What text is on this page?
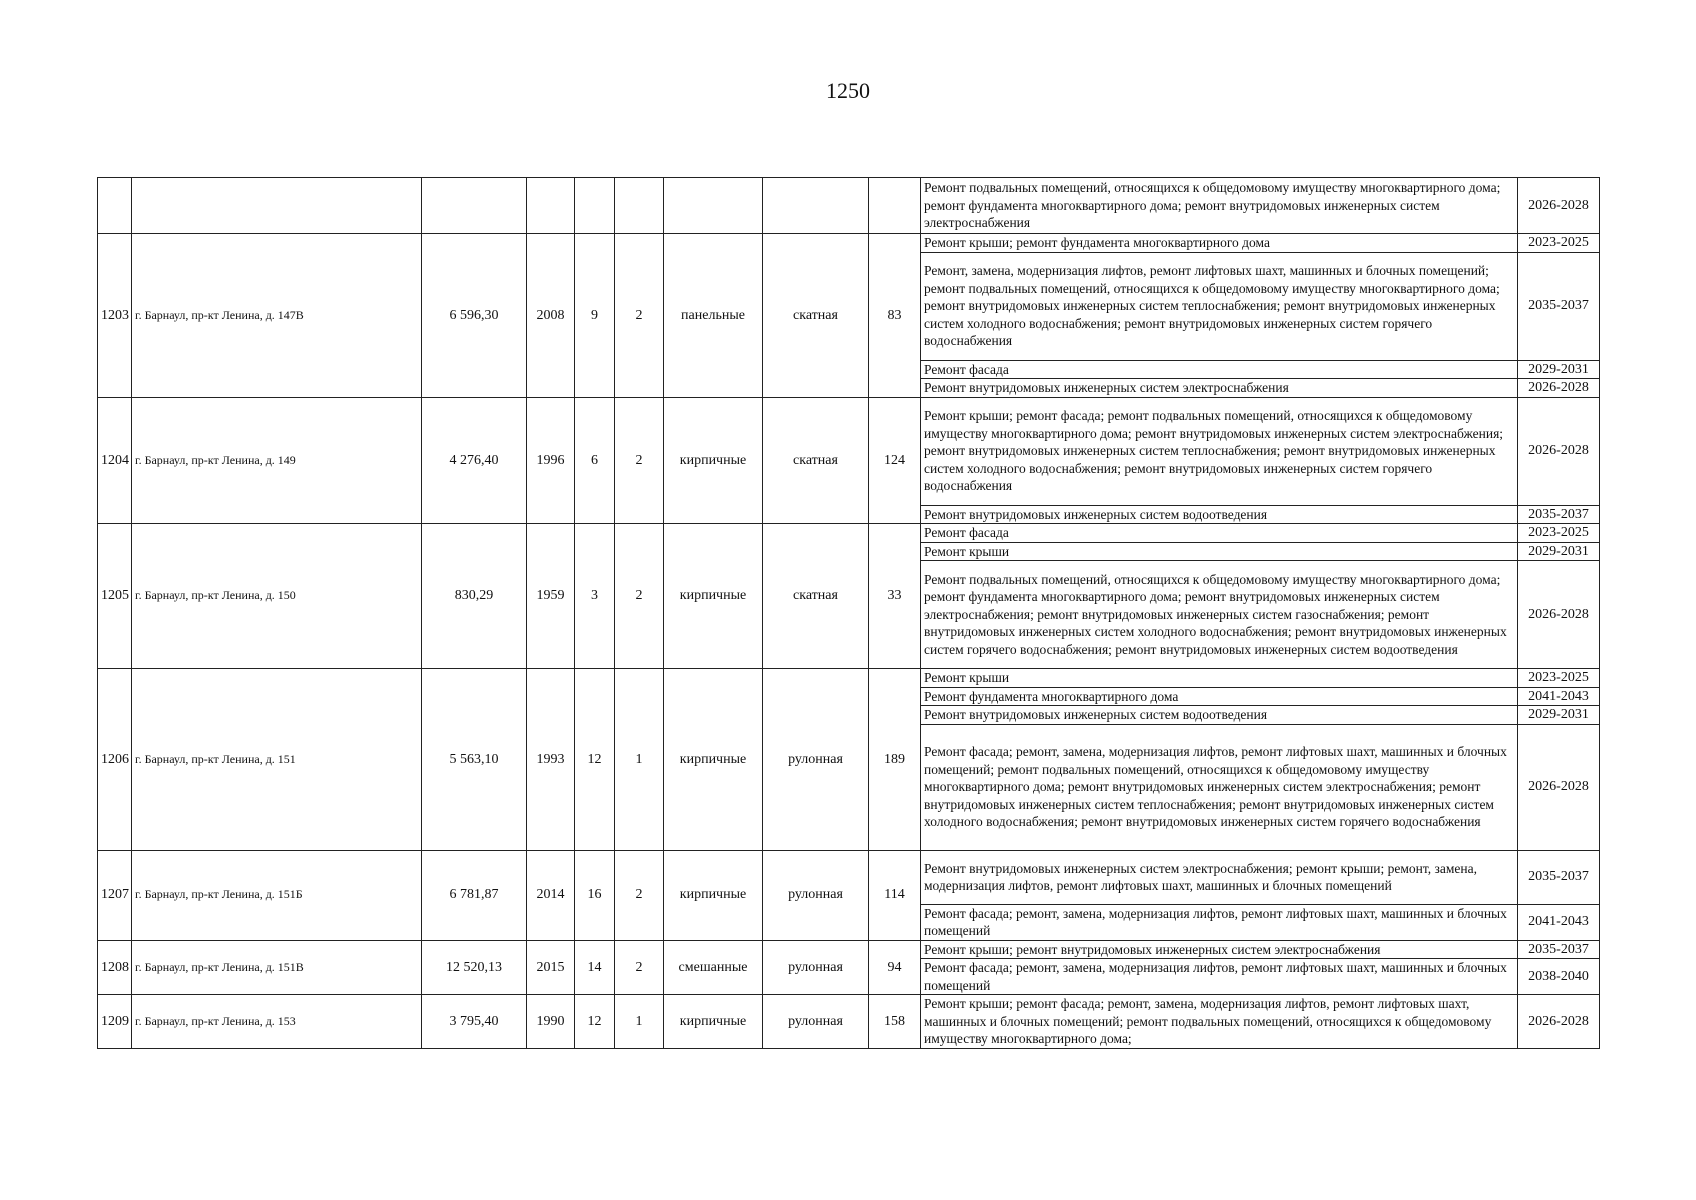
1250
									Ремонт подвальных помещений, относящихся к общедомовому имуществу многоквартирного дома; ремонт фундамента многоквартирного дома; ремонт внутридомовых инженерных систем электроснабжения	2026-2028
1203	г. Барнаул, пр-кт Ленина, д. 147В	6 596,30	2008	9	2	панельные	скатная	83	Ремонт крыши; ремонт фундамента многоквартирного дома	2023-2025
									Ремонт, замена, модернизация лифтов, ремонт лифтовых шахт, машинных и блочных помещений; ремонт подвальных помещений, относящихся к общедомовому имуществу многоквартирного дома; ремонт внутридомовых инженерных систем теплоснабжения; ремонт внутридомовых инженерных систем холодного водоснабжения; ремонт внутридомовых инженерных систем горячего водоснабжения	2035-2037
									Ремонт фасада	2029-2031
									Ремонт внутридомовых инженерных систем электроснабжения	2026-2028
1204	г. Барнаул, пр-кт Ленина, д. 149	4 276,40	1996	6	2	кирпичные	скатная	124	Ремонт крыши; ремонт фасада; ремонт подвальных помещений, относящихся к общедомовому имуществу многоквартирного дома; ремонт внутридомовых инженерных систем электроснабжения; ремонт внутридомовых инженерных систем теплоснабжения; ремонт внутридомовых инженерных систем холодного водоснабжения; ремонт внутридомовых инженерных систем горячего водоснабжения	2026-2028
									Ремонт внутридомовых инженерных систем водоотведения	2035-2037
1205	г. Барнаул, пр-кт Ленина, д. 150	830,29	1959	3	2	кирпичные	скатная	33	Ремонт фасада	2023-2025
									Ремонт крыши	2029-2031
									Ремонт подвальных помещений, относящихся к общедомовому имуществу многоквартирного дома; ремонт фундамента многоквартирного дома; ремонт внутридомовых инженерных систем электроснабжения; ремонт внутридомовых инженерных систем газоснабжения; ремонт внутридомовых инженерных систем холодного водоснабжения; ремонт внутридомовых инженерных систем горячего водоснабжения; ремонт внутридомовых инженерных систем водоотведения	2026-2028
1206	г. Барнаул, пр-кт Ленина, д. 151	5 563,10	1993	12	1	кирпичные	рулонная	189	Ремонт крыши	2023-2025
									Ремонт фундамента многоквартирного дома	2041-2043
									Ремонт внутридомовых инженерных систем водоотведения	2029-2031
									Ремонт фасада; ремонт, замена, модернизация лифтов, ремонт лифтовых шахт, машинных и блочных помещений; ремонт подвальных помещений, относящихся к общедомовому имуществу многоквартирного дома; ремонт внутридомовых инженерных систем электроснабжения; ремонт внутридомовых инженерных систем теплоснабжения; ремонт внутридомовых инженерных систем холодного водоснабжения; ремонт внутридомовых инженерных систем горячего водоснабжения	2026-2028
1207	г. Барнаул, пр-кт Ленина, д. 151Б	6 781,87	2014	16	2	кирпичные	рулонная	114	Ремонт внутридомовых инженерных систем электроснабжения; ремонт крыши; ремонт, замена, модернизация лифтов, ремонт лифтовых шахт, машинных и блочных помещений	2035-2037
									Ремонт фасада; ремонт, замена, модернизация лифтов, ремонт лифтовых шахт, машинных и блочных помещений	2041-2043
1208	г. Барнаул, пр-кт Ленина, д. 151В	12 520,13	2015	14	2	смешанные	рулонная	94	Ремонт крыши; ремонт внутридомовых инженерных систем электроснабжения	2035-2037
									Ремонт фасада; ремонт, замена, модернизация лифтов, ремонт лифтовых шахт, машинных и блочных помещений	2038-2040
1209	г. Барнаул, пр-кт Ленина, д. 153	3 795,40	1990	12	1	кирпичные	рулонная	158	Ремонт крыши; ремонт фасада; ремонт, замена, модернизация лифтов, ремонт лифтовых шахт, машинных и блочных помещений; ремонт подвальных помещений, относящихся к общедомовому имуществу многоквартирного дома;	2026-2028
